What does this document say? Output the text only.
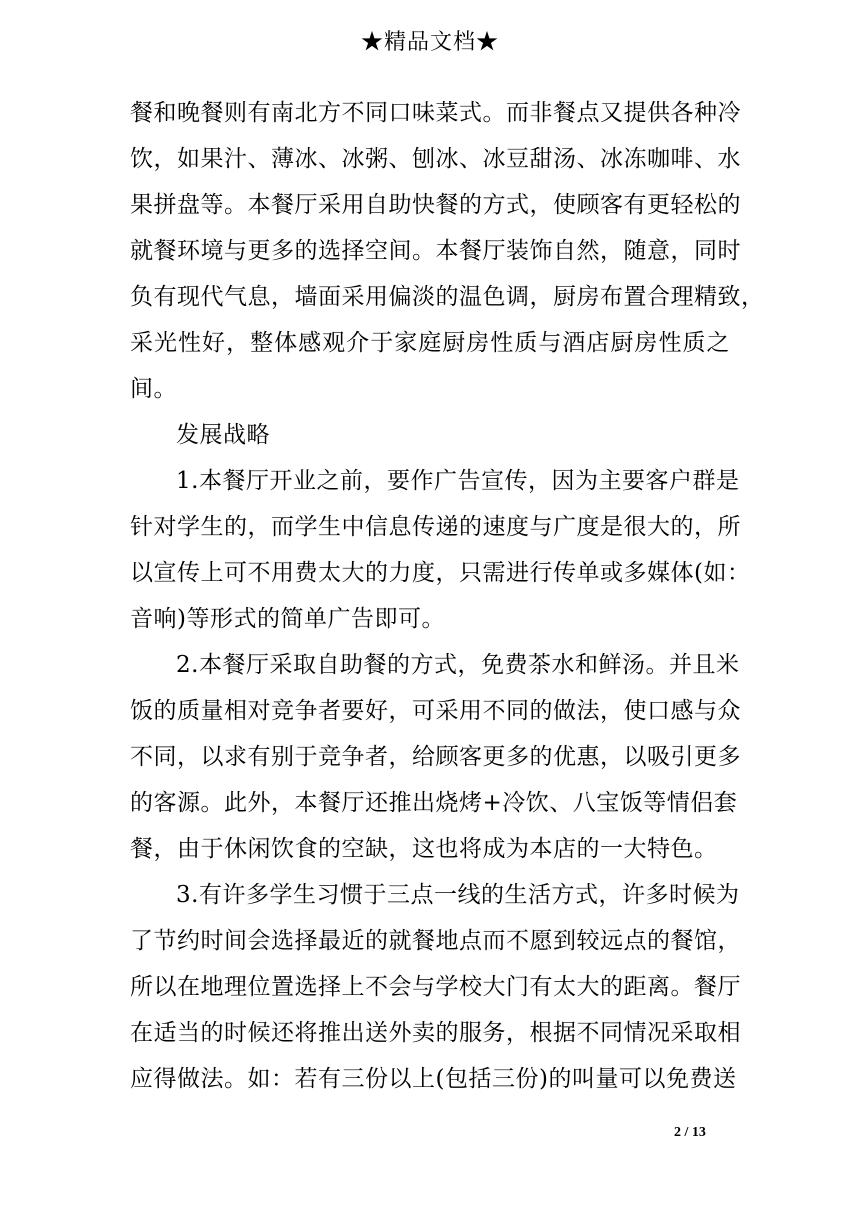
★精品文档★
餐和晚餐则有南北方不同口味菜式。而非餐点又提供各种冷
饮，如果汁、薄冰、冰粥、刨冰、冰豆甜汤、冰冻咖啡、水
果拼盘等。本餐厅采用自助快餐的方式，使顾客有更轻松的
就餐环境与更多的选择空间。本餐厅装饰自然，随意，同时
负有现代气息，墙面采用偏淡的温色调，厨房布置合理精致，
采光性好，整体感观介于家庭厨房性质与酒店厨房性质之
间。
发展战略
1.本餐厅开业之前，要作广告宣传，因为主要客户群是
针对学生的，而学生中信息传递的速度与广度是很大的，所
以宣传上可不用费太大的力度，只需进行传单或多媒体(如：
音响)等形式的简单广告即可。
2.本餐厅采取自助餐的方式，免费茶水和鲜汤。并且米
饭的质量相对竞争者要好，可采用不同的做法，使口感与众
不同，以求有别于竞争者，给顾客更多的优惠，以吸引更多
的客源。此外，本餐厅还推出烧烤+冷饮、八宝饭等情侣套
餐，由于休闲饮食的空缺，这也将成为本店的一大特色。
3.有许多学生习惯于三点一线的生活方式，许多时候为
了节约时间会选择最近的就餐地点而不愿到较远点的餐馆，
所以在地理位置选择上不会与学校大门有太大的距离。餐厅
在适当的时候还将推出送外卖的服务，根据不同情况采取相
应得做法。如：若有三份以上(包括三份)的叫量可以免费送
2 / 13
